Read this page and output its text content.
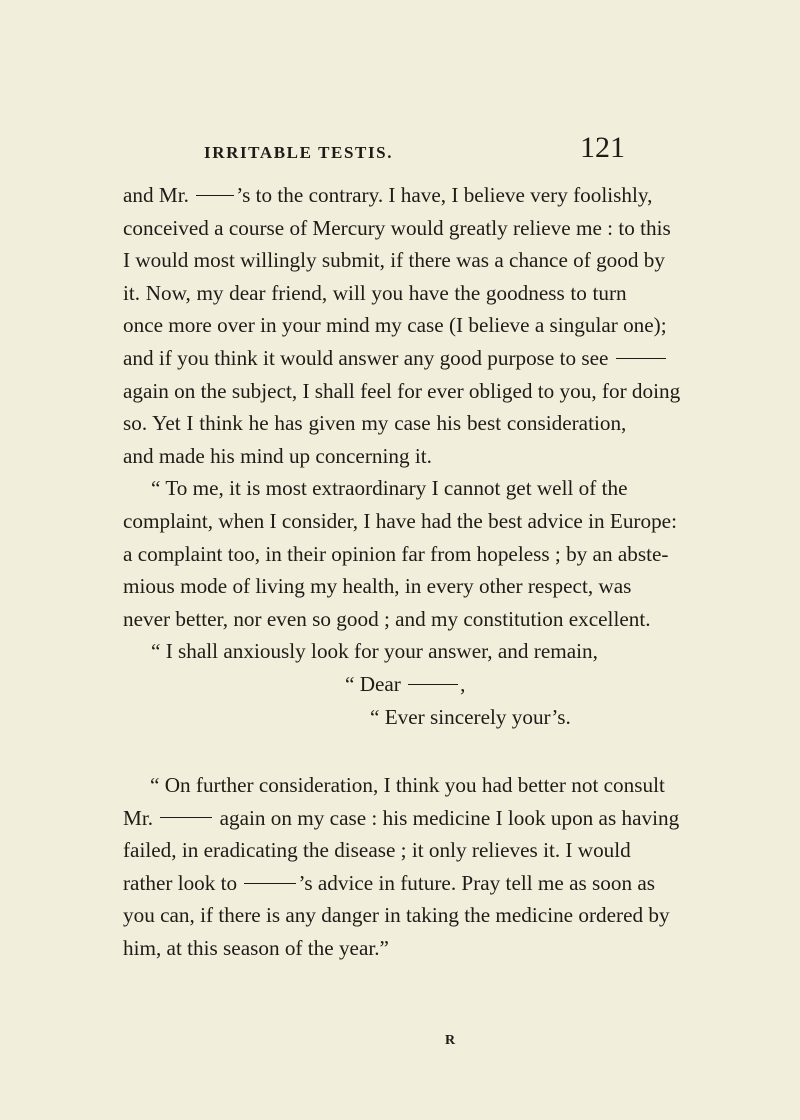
IRRITABLE TESTIS.	121
and Mr. ’s to the contrary. I have, I believe very foolishly,
conceived a course of Mercury would greatly relieve me : to this
I would most willingly submit, if there was a chance of good by
it. Now, my dear friend, will you have the goodness to turn
once more over in your mind my case (I believe a singular one);
and if you think it would answer any good purpose to see
again on the subject, I shall feel for ever obliged to you, for doing
so. Yet I think he has given my case his best consideration,
and made his mind up concerning it.
“ To me, it is most extraordinary I cannot get well of the
complaint, when I consider, I have had the best advice in Europe:
a complaint too, in their opinion far from hopeless ; by an abste-
mious mode of living my health, in every other respect, was
never better, nor even so good ; and my constitution excellent.
“ I shall anxiously look for your answer, and remain,
“ Dear	,
“ Ever sincerely your’s.
“ On further consideration, I think you had better not consult
Mr.	again on my case : his medicine I look upon as having
failed, in eradicating the disease ; it only relieves it. I would
rather look to	’s advice in future. Pray tell me as soon as
you can, if there is any danger in taking the medicine ordered by
him, at this season of the year.”
R
